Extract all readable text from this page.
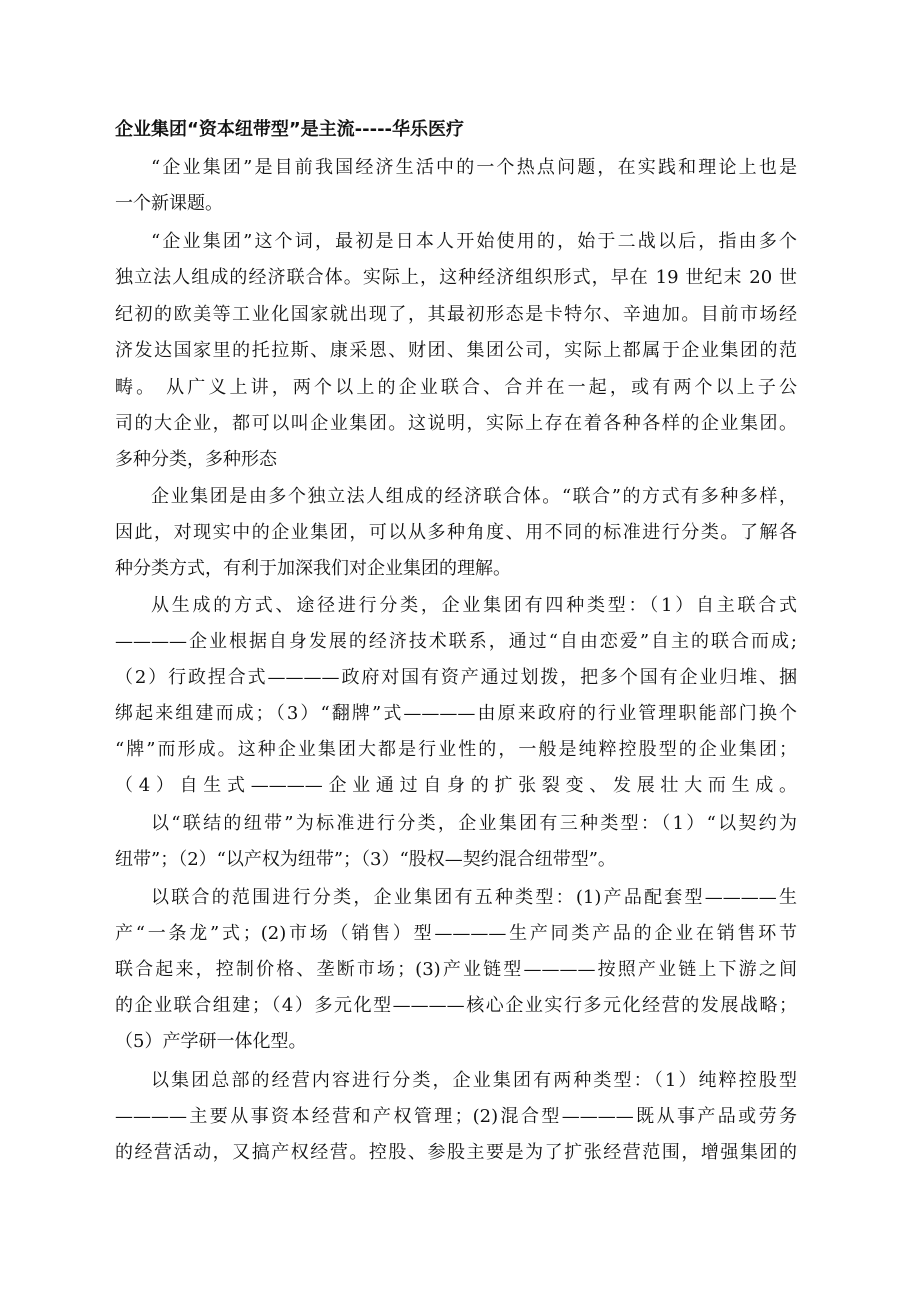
企业集团“资本纽带型”是主流-----华乐医疗
“企业集团”是目前我国经济生活中的一个热点问题，在实践和理论上也是
一个新课题。
“企业集团”这个词，最初是日本人开始使用的，始于二战以后，指由多个
独立法人组成的经济联合体。实际上，这种经济组织形式，早在 19 世纪末 20 世
纪初的欧美等工业化国家就出现了，其最初形态是卡特尔、辛迪加。目前市场经
济发达国家里的托拉斯、康采恩、财团、集团公司，实际上都属于企业集团的范
畴。 从广义上讲，两个以上的企业联合、合并在一起，或有两个以上子公
司的大企业，都可以叫企业集团。这说明，实际上存在着各种各样的企业集团。
多种分类，多种形态
企业集团是由多个独立法人组成的经济联合体。“联合”的方式有多种多样，
因此，对现实中的企业集团，可以从多种角度、用不同的标准进行分类。了解各
种分类方式，有利于加深我们对企业集团的理解。
从生成的方式、途径进行分类，企业集团有四种类型：（1）自主联合式
————企业根据自身发展的经济技术联系，通过“自由恋爱”自主的联合而成;
（2）行政捏合式————政府对国有资产通过划拨，把多个国有企业归堆、捆
绑起来组建而成；（3）“翻牌”式————由原来政府的行业管理职能部门换个
“牌”而形成。这种企业集团大都是行业性的，一般是纯粹控股型的企业集团；
（4）自生式————企业通过自身的扩张裂变、发展壮大而生成。
以“联结的纽带”为标准进行分类，企业集团有三种类型：（1）“以契约为
纽带”；（2）“以产权为纽带”；（3）“股权—契约混合纽带型”。
以联合的范围进行分类，企业集团有五种类型：(1)产品配套型————生
产“一条龙”式；(2)市场（销售）型————生产同类产品的企业在销售环节
联合起来，控制价格、垄断市场；(3)产业链型————按照产业链上下游之间
的企业联合组建；（4）多元化型————核心企业实行多元化经营的发展战略；
（5）产学研一体化型。
以集团总部的经营内容进行分类，企业集团有两种类型：（1）纯粹控股型
————主要从事资本经营和产权管理；(2)混合型————既从事产品或劳务
的经营活动，又搞产权经营。控股、参股主要是为了扩张经营范围，增强集团的
